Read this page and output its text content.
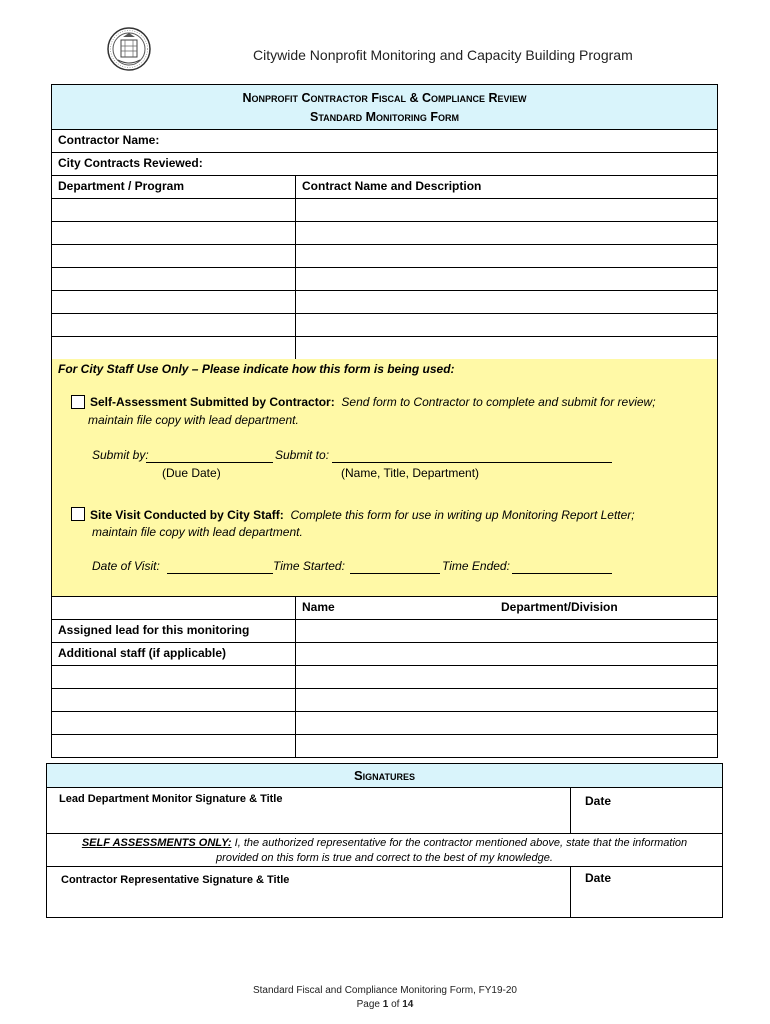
Citywide Nonprofit Monitoring and Capacity Building Program
Nonprofit Contractor Fiscal & Compliance Review
Standard Monitoring Form
Contractor Name:
City Contracts Reviewed:
Department / Program	Contract Name and Description
For City Staff Use Only – Please indicate how this form is being used:
Self-Assessment Submitted by Contractor: Send form to Contractor to complete and submit for review;
maintain file copy with lead department.
Submit by:	Submit to:
(Due Date)	(Name, Title, Department)
Site Visit Conducted by City Staff: Complete this form for use in writing up Monitoring Report Letter;
maintain file copy with lead department.
Date of Visit:	Time Started:	Time Ended:
Name	Department/Division
Assigned lead for this monitoring
Additional staff (if applicable)
Signatures
Lead Department Monitor Signature & Title	Date
SELF ASSESSMENTS ONLY: I, the authorized representative for the contractor mentioned above, state that the information
provided on this form is true and correct to the best of my knowledge.
Contractor Representative Signature & Title	Date
Standard Fiscal and Compliance Monitoring Form, FY19-20
Page 1 of 14
